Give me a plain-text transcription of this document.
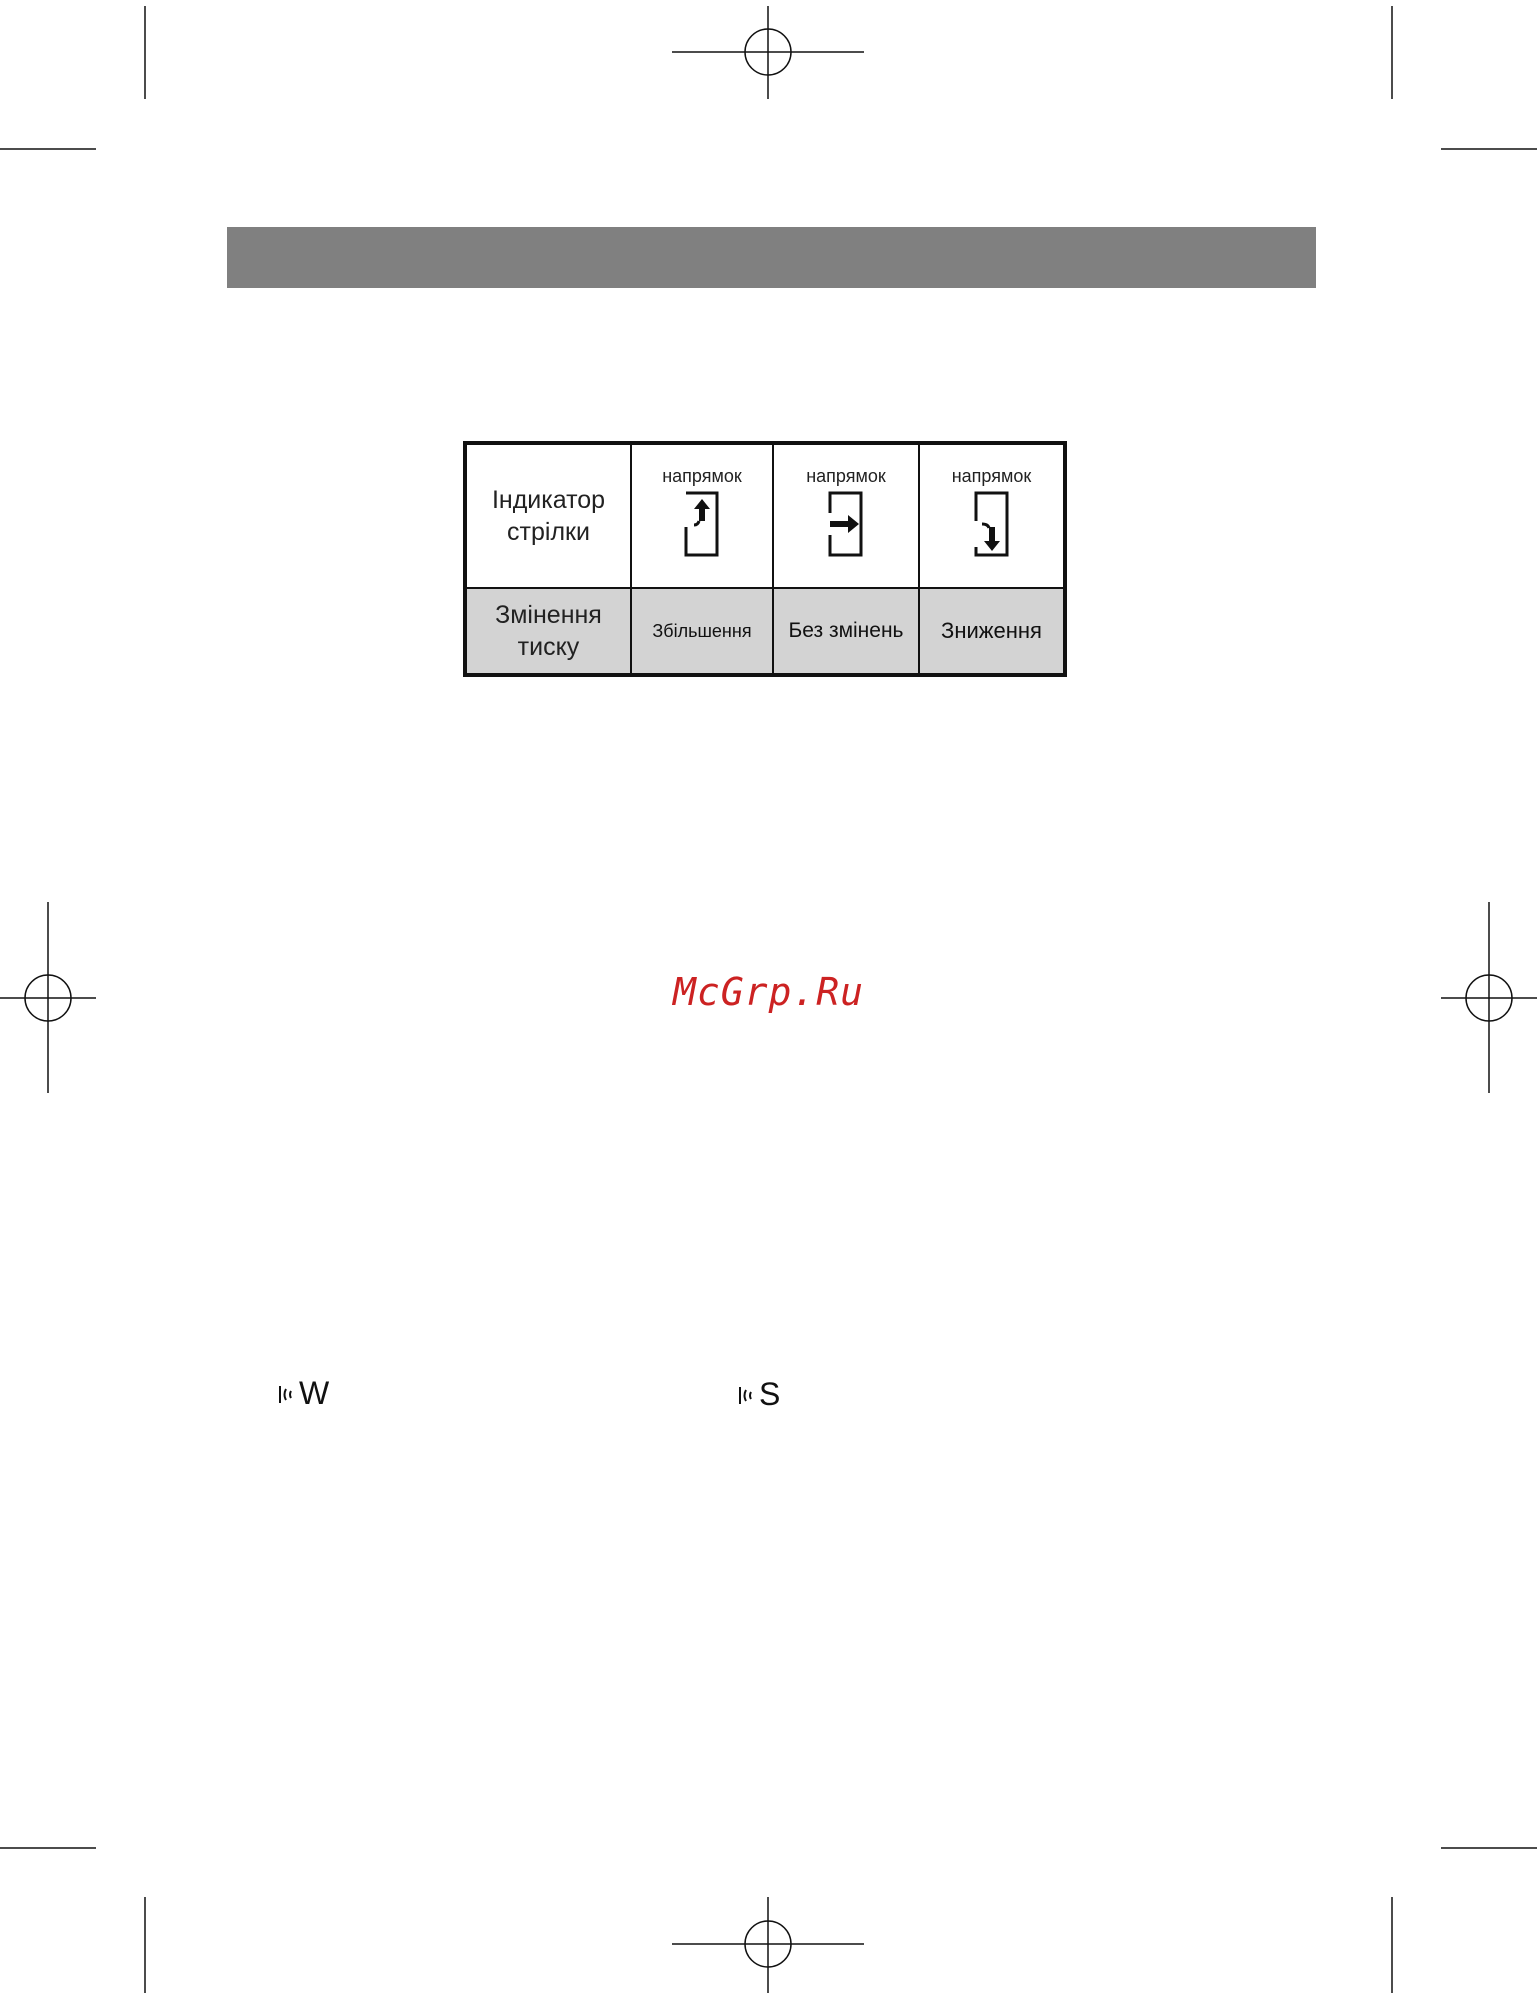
Індикатор
стрілки	напрямок	напрямок	напрямок

Змінення
тиску	Збільшення	Без змінень	Зниження
McGrp.Ru
W	S
